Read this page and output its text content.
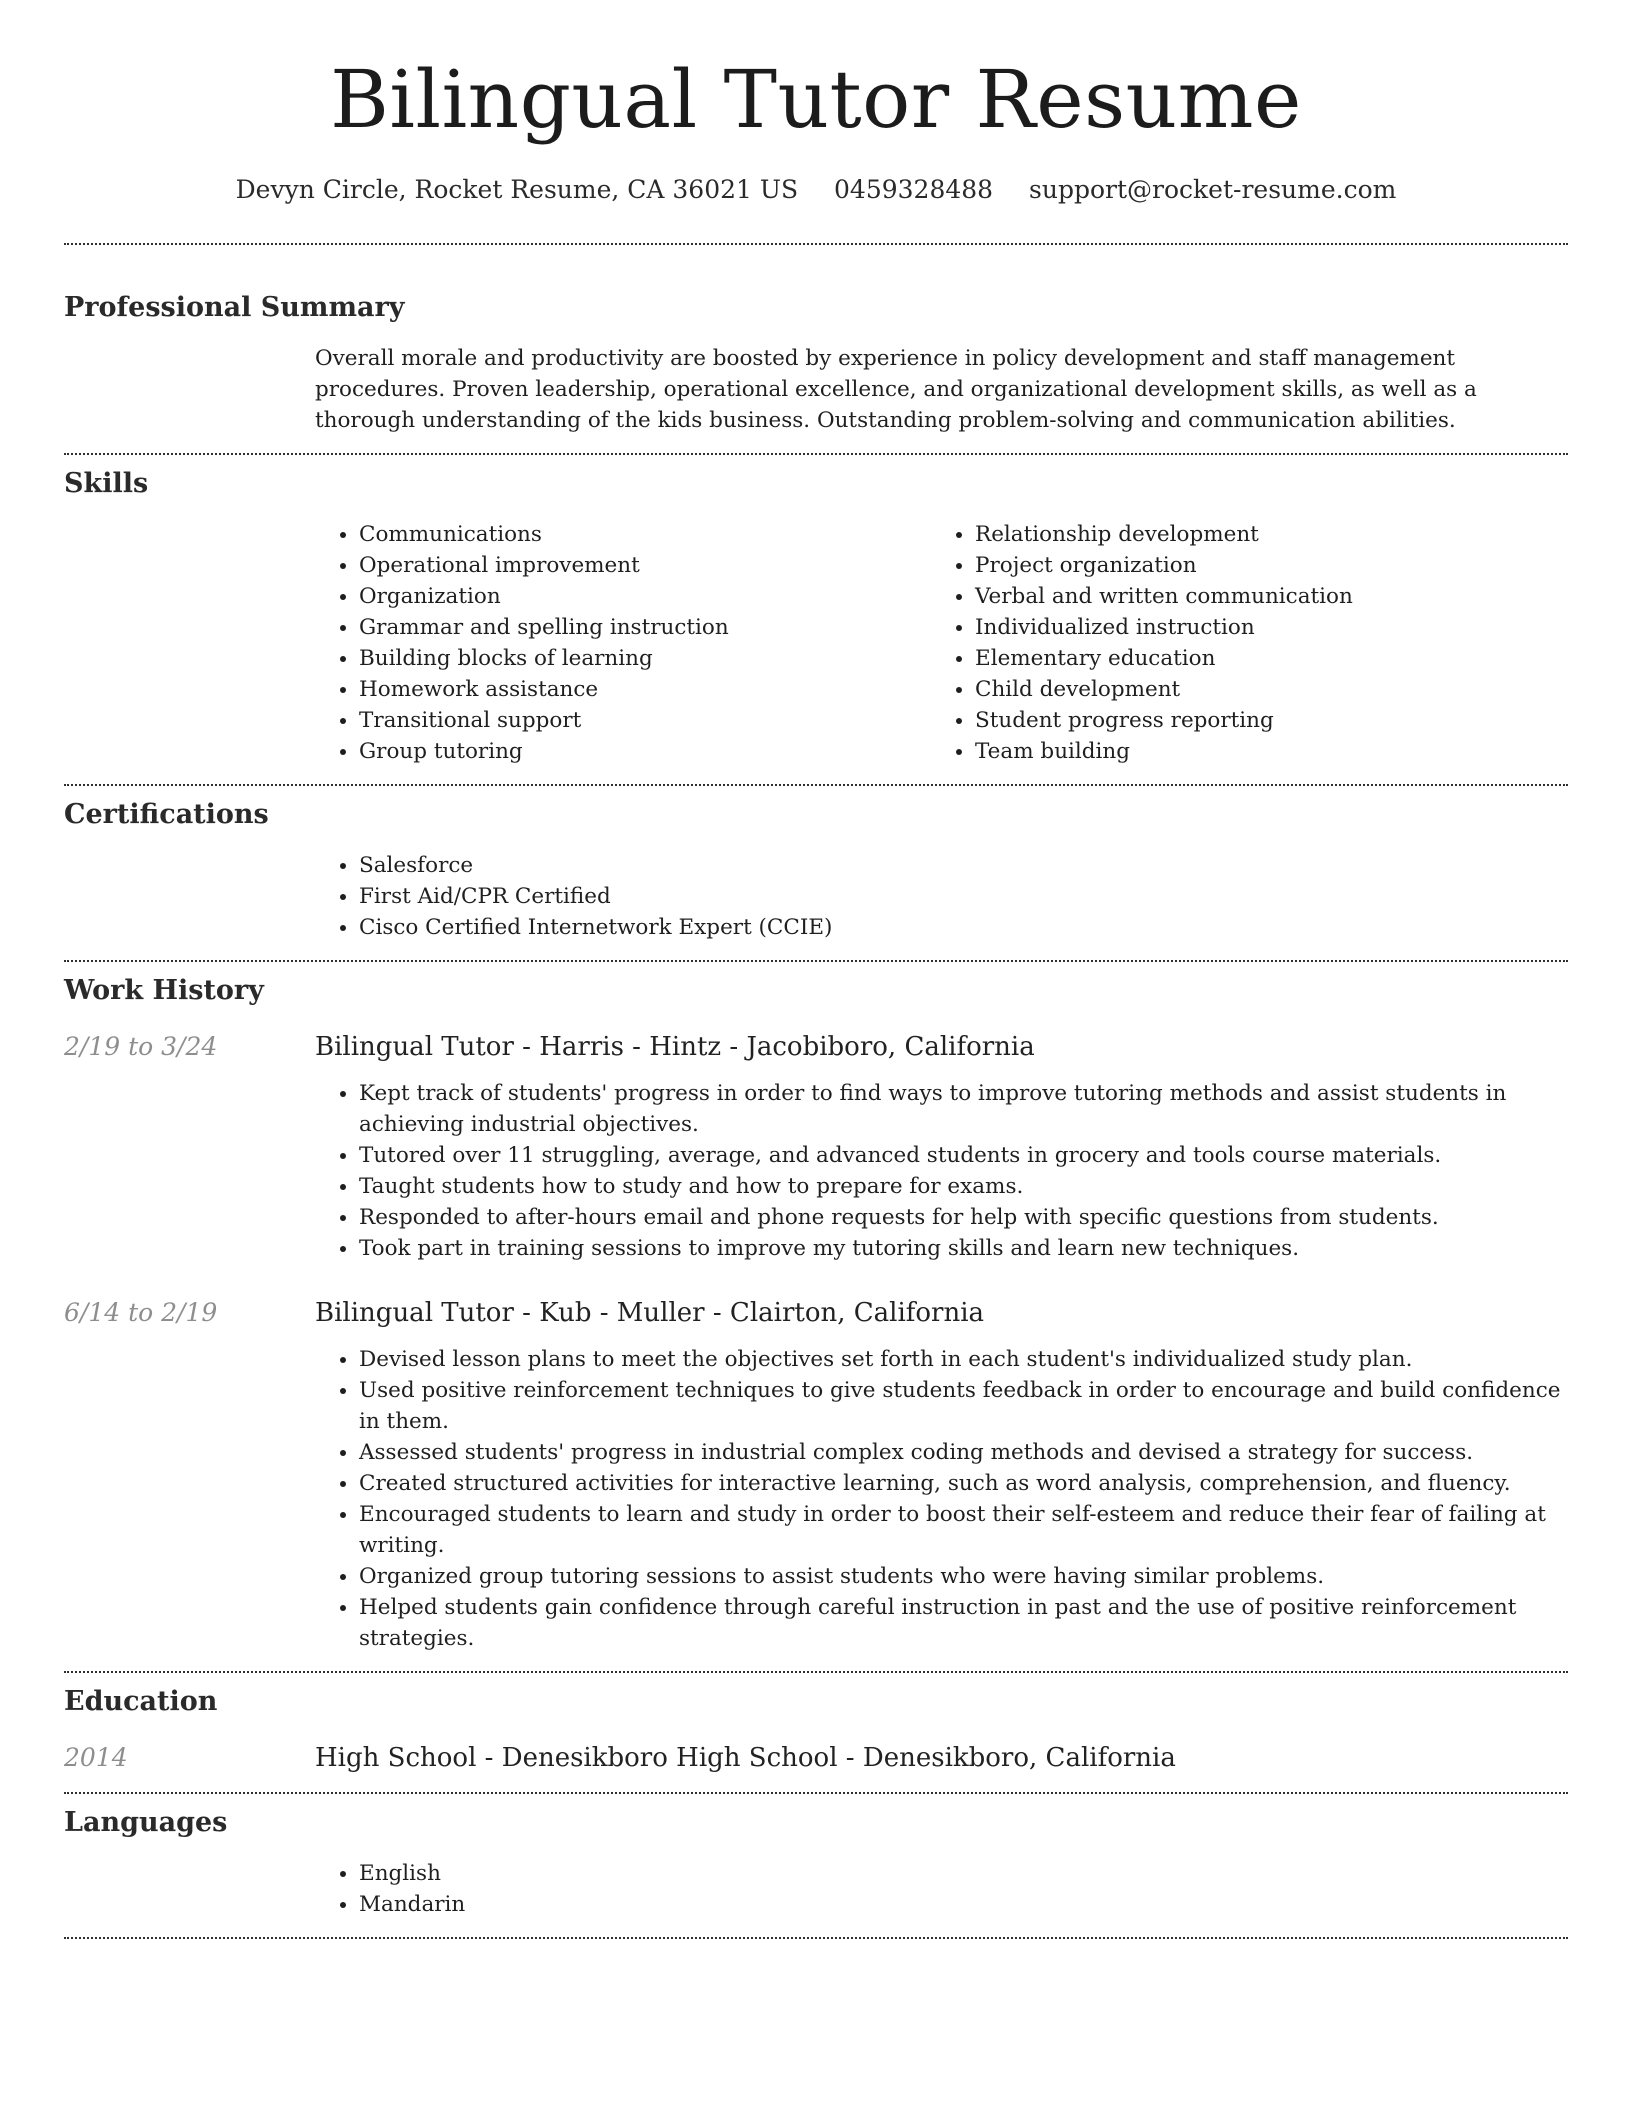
Bilingual Tutor Resume
Devyn Circle, Rocket Resume, CA 36021 US 0459328488 support@rocket-resume.com
Professional Summary

Overall morale and productivity are boosted by experience in policy development and staff management procedures. Proven leadership, operational excellence, and organizational development skills, as well as a thorough understanding of the kids business. Outstanding problem-solving and communication abilities.

Skills
• Communications
• Operational improvement
• Organization
• Grammar and spelling instruction
• Building blocks of learning
• Homework assistance
• Transitional support
• Group tutoring
• Relationship development
• Project organization
• Verbal and written communication
• Individualized instruction
• Elementary education
• Child development
• Student progress reporting
• Team building
Certifications
• Salesforce
• First Aid/CPR Certified
• Cisco Certified Internetwork Expert (CCIE)
Work History
2/19 to 3/24	Bilingual Tutor - Harris - Hintz - Jacobiboro, California
• Kept track of students' progress in order to find ways to improve tutoring methods and assist students in achieving industrial objectives.
• Tutored over 11 struggling, average, and advanced students in grocery and tools course materials.
• Taught students how to study and how to prepare for exams.
• Responded to after-hours email and phone requests for help with specific questions from students.
• Took part in training sessions to improve my tutoring skills and learn new techniques.
6/14 to 2/19	Bilingual Tutor - Kub - Muller - Clairton, California
• Devised lesson plans to meet the objectives set forth in each student's individualized study plan.
• Used positive reinforcement techniques to give students feedback in order to encourage and build confidence in them.
• Assessed students' progress in industrial complex coding methods and devised a strategy for success.
• Created structured activities for interactive learning, such as word analysis, comprehension, and fluency.
• Encouraged students to learn and study in order to boost their self-esteem and reduce their fear of failing at writing.
• Organized group tutoring sessions to assist students who were having similar problems.
• Helped students gain confidence through careful instruction in past and the use of positive reinforcement strategies.
Education
2014	High School - Denesikboro High School - Denesikboro, California
Languages
• English
• Mandarin
